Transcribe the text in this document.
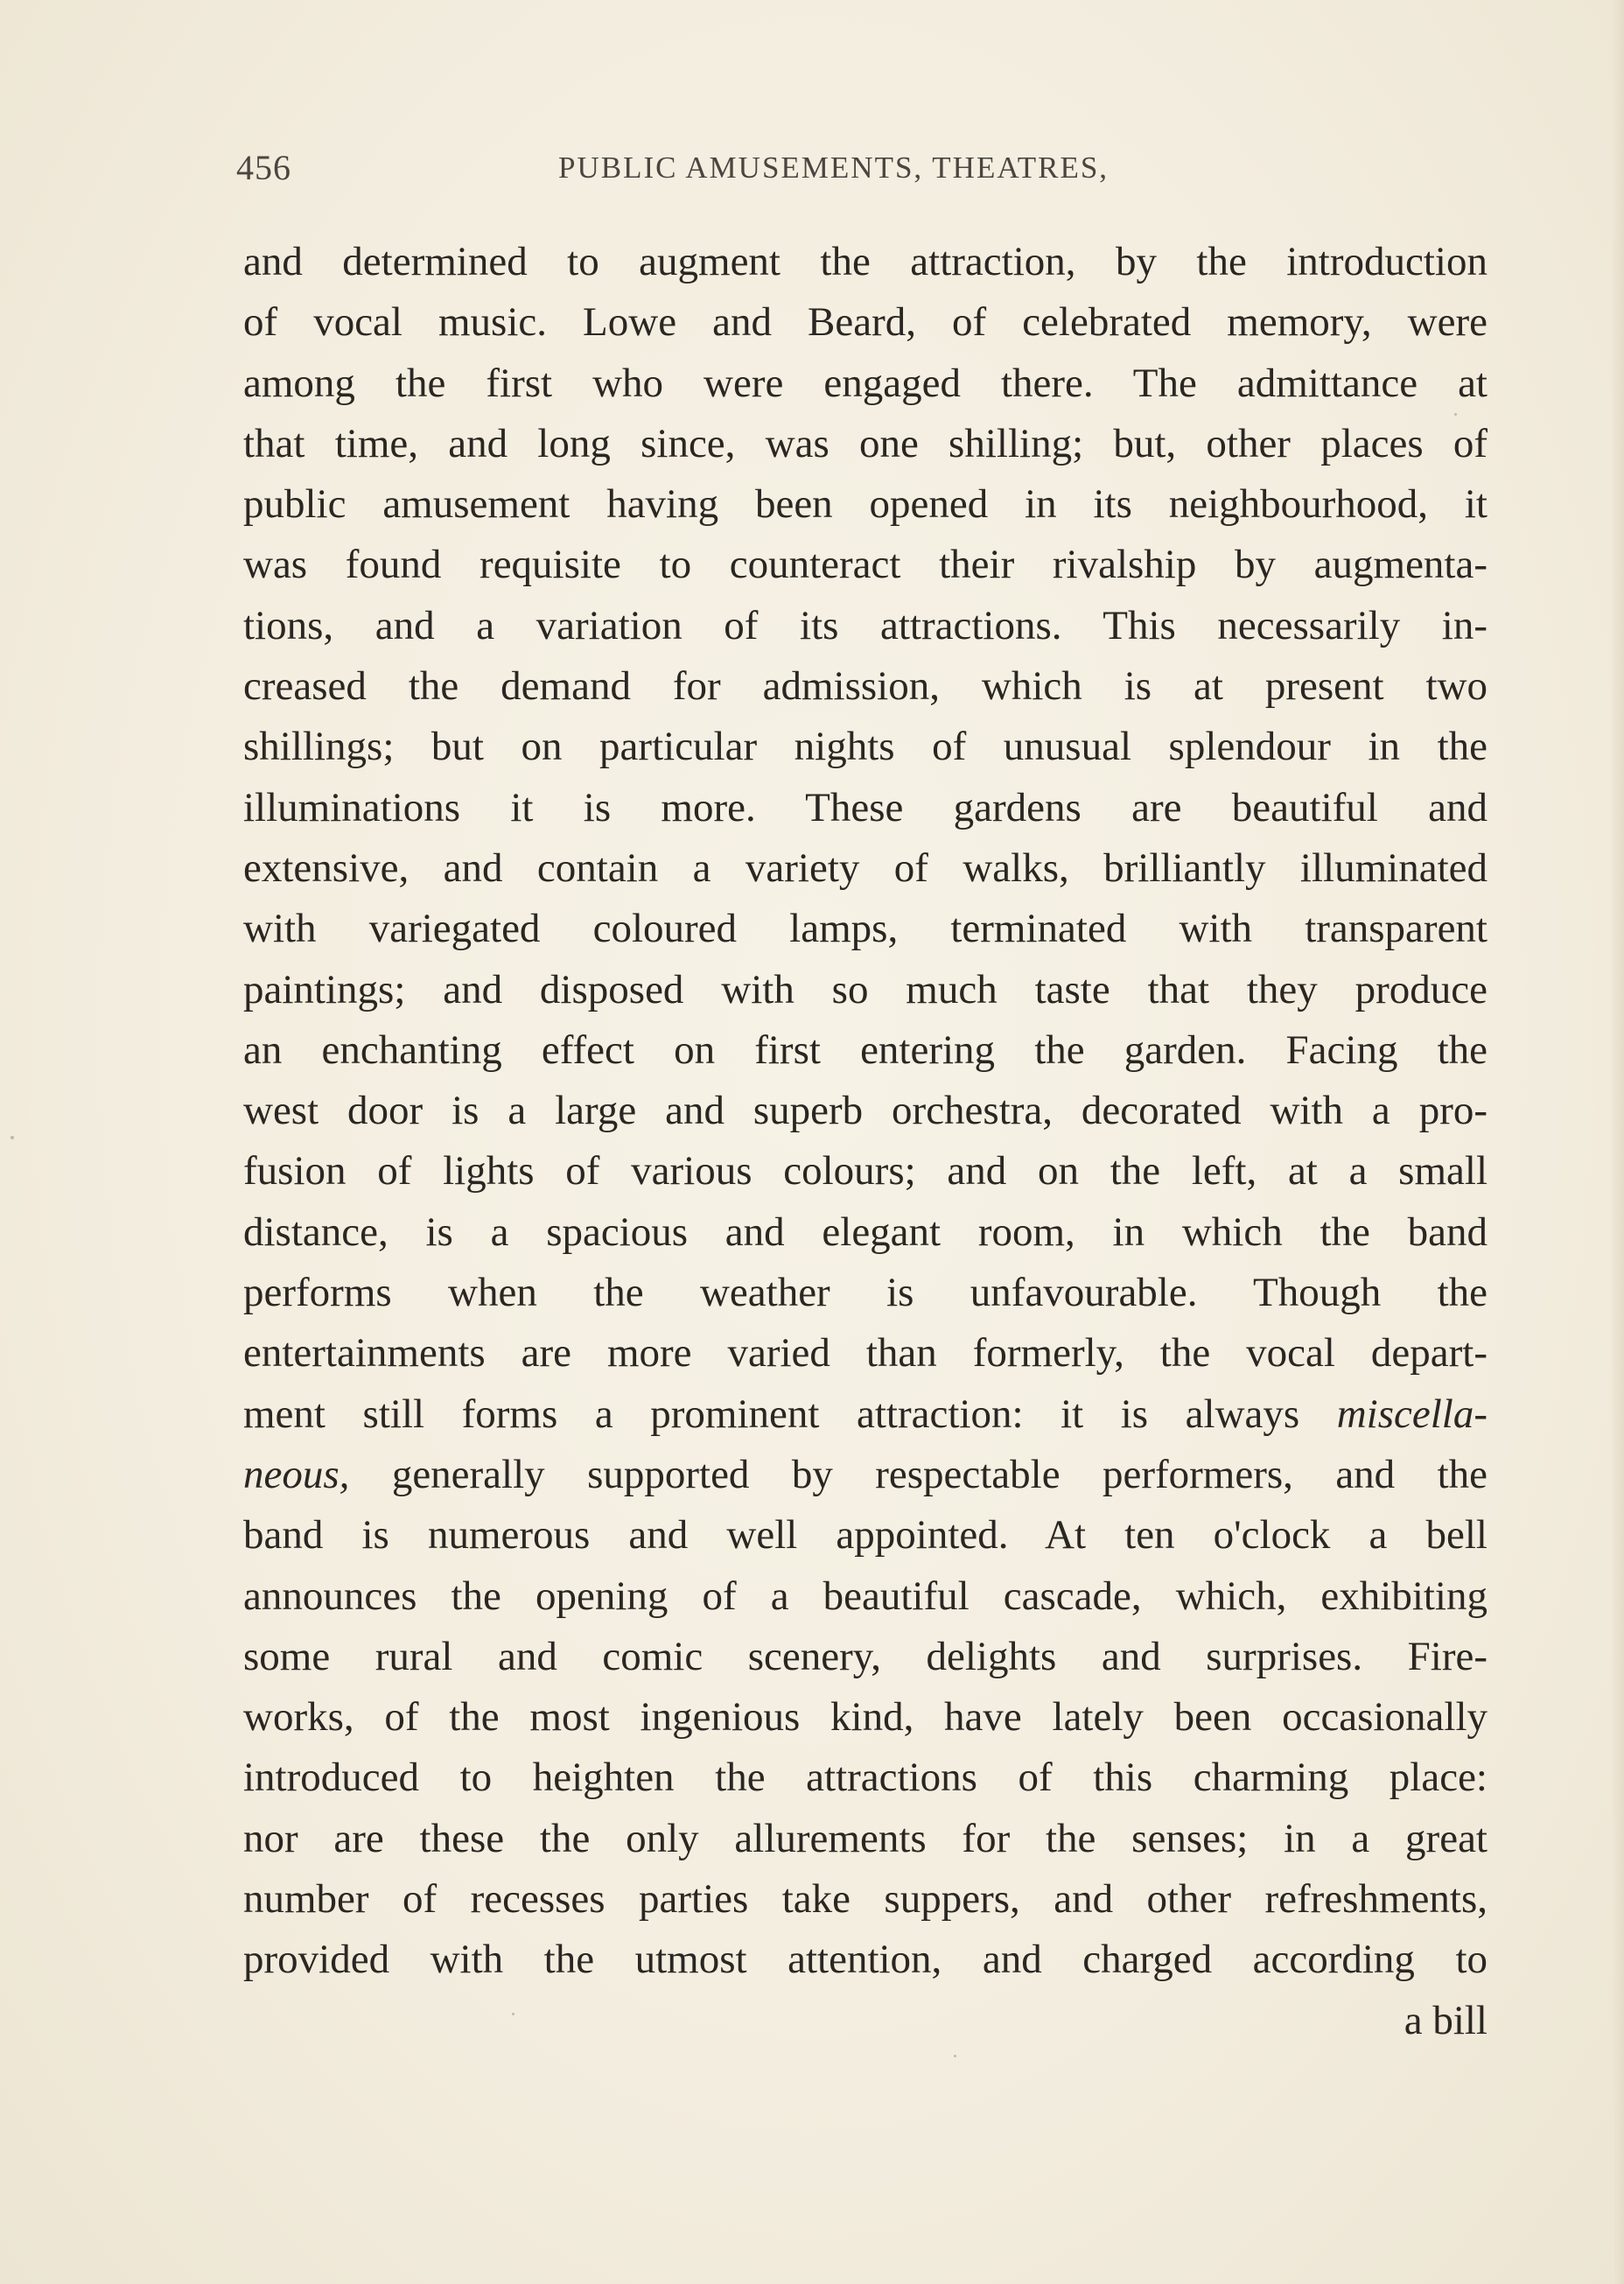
456	PUBLIC AMUSEMENTS, THEATRES,
and determined to augment the attraction, by the introduction
of vocal music. Lowe and Beard, of celebrated memory, were
among the first who were engaged there. The admittance at
that time, and long since, was one shilling; but, other places of
public amusement having been opened in its neighbourhood, it
was found requisite to counteract their rivalship by augmenta-
tions, and a variation of its attractions. This necessarily in-
creased the demand for admission, which is at present two
shillings; but on particular nights of unusual splendour in the
illuminations it is more. These gardens are beautiful and
extensive, and contain a variety of walks, brilliantly illuminated
with variegated coloured lamps, terminated with transparent
paintings; and disposed with so much taste that they produce
an enchanting effect on first entering the garden. Facing the
west door is a large and superb orchestra, decorated with a pro-
fusion of lights of various colours; and on the left, at a small
distance, is a spacious and elegant room, in which the band
performs when the weather is unfavourable. Though the
entertainments are more varied than formerly, the vocal depart-
ment still forms a prominent attraction: it is always miscella-
neous, generally supported by respectable performers, and the
band is numerous and well appointed. At ten o'clock a bell
announces the opening of a beautiful cascade, which, exhibiting
some rural and comic scenery, delights and surprises. Fire-
works, of the most ingenious kind, have lately been occasionally
introduced to heighten the attractions of this charming place:
nor are these the only allurements for the senses; in a great
number of recesses parties take suppers, and other refreshments,
provided with the utmost attention, and charged according to
a bill
